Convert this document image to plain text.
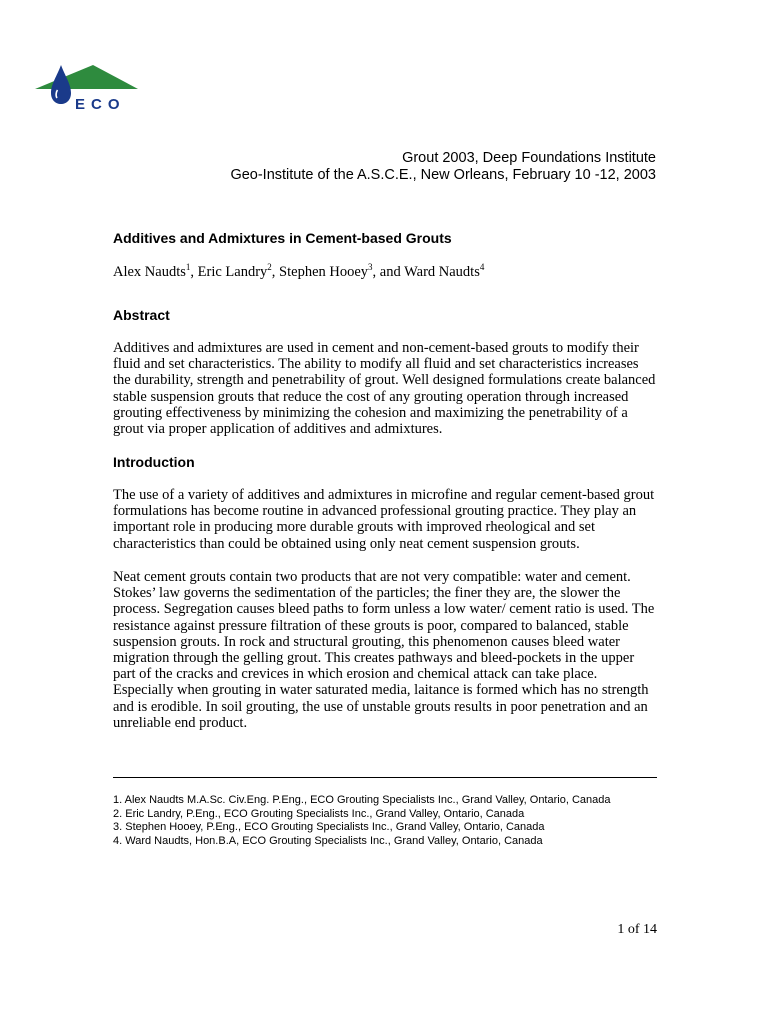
ECO
Grout 2003, Deep Foundations Institute
Geo-Institute of the A.S.C.E., New Orleans, February 10 -12, 2003
Additives and Admixtures in Cement-based Grouts
Alex Naudts$^1$, Eric Landry$^2$, Stephen Hooey$^3$, and Ward Naudts$^4$
Abstract
Additives and admixtures are used in cement and non-cement-based grouts to modify their fluid and set characteristics. The ability to modify all fluid and set characteristics increases the durability, strength and penetrability of grout. Well designed formulations create balanced stable suspension grouts that reduce the cost of any grouting operation through increased grouting effectiveness by minimizing the cohesion and maximizing the penetrability of a grout via proper application of additives and admixtures.
Introduction
The use of a variety of additives and admixtures in microfine and regular cement-based grout formulations has become routine in advanced professional grouting practice. They play an important role in producing more durable grouts with improved rheological and set characteristics than could be obtained using only neat cement suspension grouts.
Neat cement grouts contain two products that are not very compatible: water and cement. Stokes’ law governs the sedimentation of the particles; the finer they are, the slower the process. Segregation causes bleed paths to form unless a low water/ cement ratio is used. The resistance against pressure filtration of these grouts is poor, compared to balanced, stable suspension grouts. In rock and structural grouting, this phenomenon causes bleed water migration through the gelling grout. This creates pathways and bleed-pockets in the upper part of the cracks and crevices in which erosion and chemical attack can take place. Especially when grouting in water saturated media, laitance is formed which has no strength and is erodible. In soil grouting, the use of unstable grouts results in poor penetration and an unreliable end product.
1. Alex Naudts M.A.Sc. Civ.Eng. P.Eng., ECO Grouting Specialists Inc., Grand Valley, Ontario, Canada
2. Eric Landry, P.Eng., ECO Grouting Specialists Inc., Grand Valley, Ontario, Canada
3. Stephen Hooey, P.Eng., ECO Grouting Specialists Inc., Grand Valley, Ontario, Canada
4. Ward Naudts, Hon.B.A, ECO Grouting Specialists Inc., Grand Valley, Ontario, Canada
1 of 14
